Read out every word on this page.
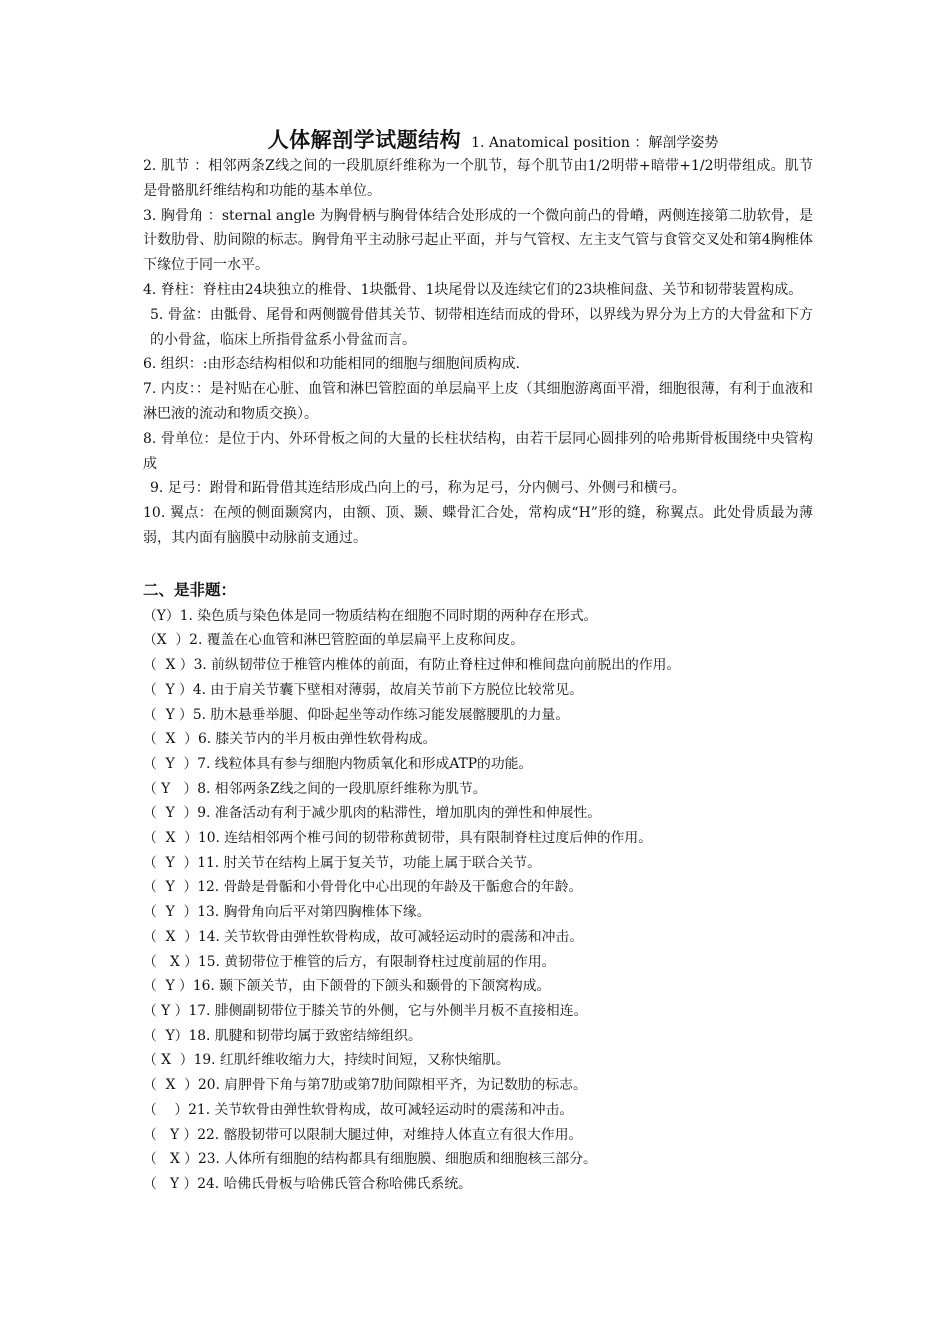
人体解剖学试题结构 1. Anatomical position ：解剖学姿势

2. 肌节 ：相邻两条Z线之间的一段肌原纤维称为一个肌节，每个肌节由1/2明带+暗带+1/2明带组成。肌节是骨骼肌纤维结构和功能的基本单位。

3. 胸骨角 ：sternal angle 为胸骨柄与胸骨体结合处形成的一个微向前凸的骨嵴，两侧连接第二肋软骨，是计数肋骨、肋间隙的标志。胸骨角平主动脉弓起止平面，并与气管杈、左主支气管与食管交叉处和第4胸椎体下缘位于同一水平。

4. 脊柱：脊柱由24块独立的椎骨、1块骶骨、1块尾骨以及连续它们的23块椎间盘、关节和韧带装置构成。

5. 骨盆：由骶骨、尾骨和两侧髋骨借其关节、韧带相连结而成的骨环，以界线为界分为上方的大骨盆和下方的小骨盆，临床上所指骨盆系小骨盆而言。

6. 组织：:由形态结构相似和功能相同的细胞与细胞间质构成.

7. 内皮：：是衬贴在心脏、血管和淋巴管腔面的单层扁平上皮（其细胞游离面平滑，细胞很薄，有利于血液和淋巴液的流动和物质交换）。

8. 骨单位：是位于内、外环骨板之间的大量的长柱状结构，由若干层同心圆排列的哈弗斯骨板围绕中央管构成

9. 足弓：跗骨和跖骨借其连结形成凸向上的弓，称为足弓，分内侧弓、外侧弓和横弓。

10. 翼点：在颅的侧面颞窝内，由额、顶、颞、蝶骨汇合处，常构成“H”形的缝，称翼点。此处骨质最为薄弱，其内面有脑膜中动脉前支通过。

二、是非题：

（Y）1. 染色质与染色体是同一物质结构在细胞不同时期的两种存在形式。

（X  ）2. 覆盖在心血管和淋巴管腔面的单层扁平上皮称间皮。

（  X ）3. 前纵韧带位于椎管内椎体的前面，有防止脊柱过伸和椎间盘向前脱出的作用。

（  Y ）4. 由于肩关节囊下壁相对薄弱，故肩关节前下方脱位比较常见。

（  Y ）5. 肋木悬垂举腿、仰卧起坐等动作练习能发展髂腰肌的力量。

（  X  ）6. 膝关节内的半月板由弹性软骨构成。

（  Y  ）7. 线粒体具有参与细胞内物质氧化和形成ATP的功能。

（ Y   ）8. 相邻两条Z线之间的一段肌原纤维称为肌节。

（  Y  ）9. 准备活动有利于减少肌肉的粘滞性，增加肌肉的弹性和伸展性。

（  X  ）10. 连结相邻两个椎弓间的韧带称黄韧带，具有限制脊柱过度后伸的作用。

（  Y  ）11. 肘关节在结构上属于复关节，功能上属于联合关节。

（  Y  ）12. 骨龄是骨骺和小骨骨化中心出现的年龄及干骺愈合的年龄。

（  Y  ）13. 胸骨角向后平对第四胸椎体下缘。

（  X  ）14. 关节软骨由弹性软骨构成，故可减轻运动时的震荡和冲击。

（   X ）15. 黄韧带位于椎管的后方，有限制脊柱过度前屈的作用。

（  Y ）16. 颞下颌关节，由下颌骨的下颌头和颞骨的下颌窝构成。

（ Y ）17. 腓侧副韧带位于膝关节的外侧，它与外侧半月板不直接相连。

（  Y）18. 肌腱和韧带均属于致密结缔组织。

（ X  ）19. 红肌纤维收缩力大，持续时间短，又称快缩肌。

（  X  ）20. 肩胛骨下角与第7肋或第7肋间隙相平齐，为记数肋的标志。

（    ）21. 关节软骨由弹性软骨构成，故可减轻运动时的震荡和冲击。

（   Y ）22. 髂股韧带可以限制大腿过伸，对维持人体直立有很大作用。

（   X ）23. 人体所有细胞的结构都具有细胞膜、细胞质和细胞核三部分。

（   Y ）24. 哈佛氏骨板与哈佛氏管合称哈佛氏系统。
